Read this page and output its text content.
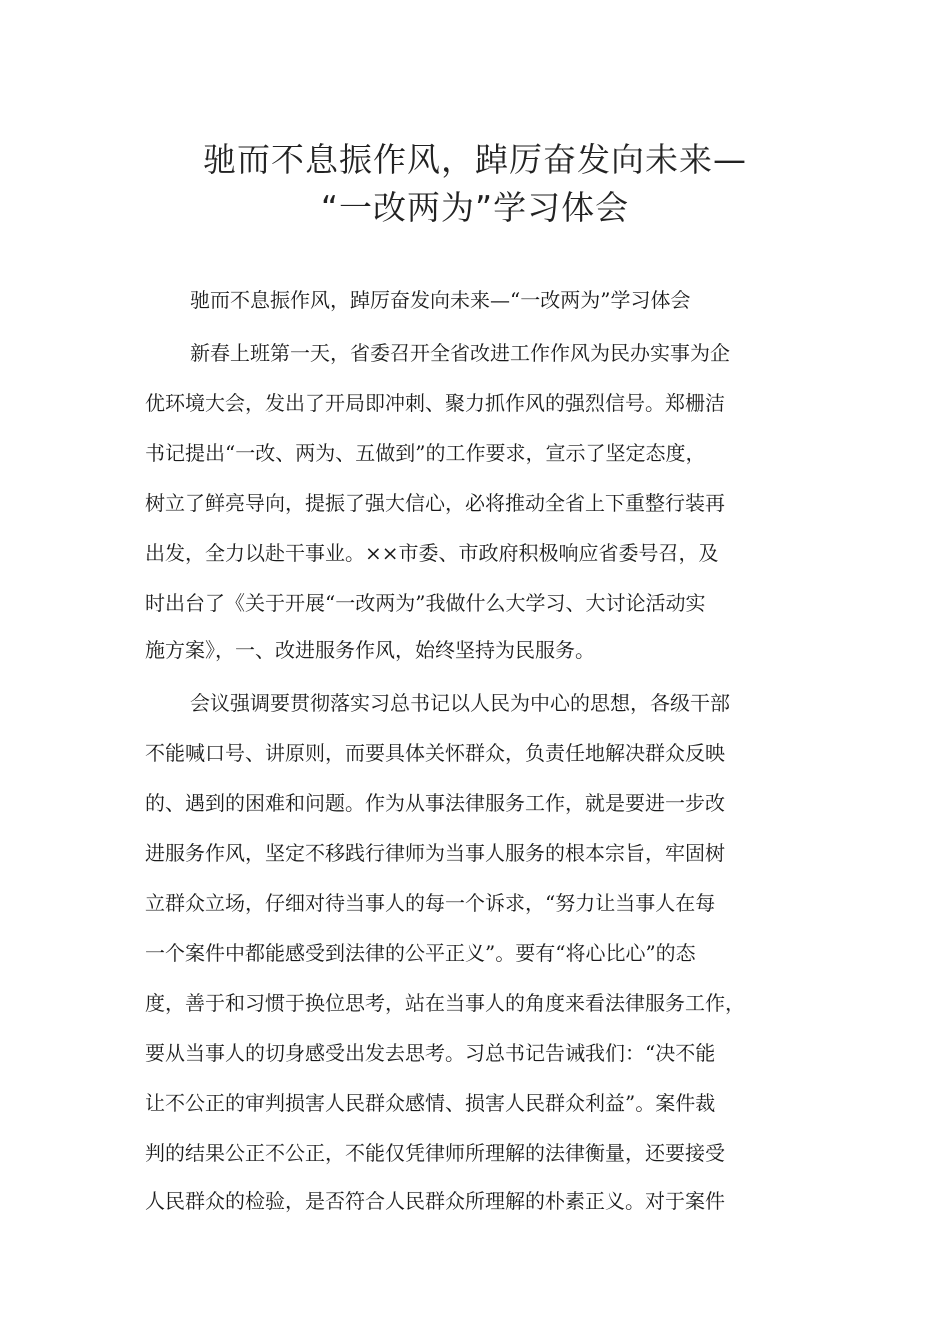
驰而不息振作风，踔厉奋发向未来—
“一改两为”学习体会
驰而不息振作风，踔厉奋发向未来—“一改两为”学习体会
新春上班第一天，省委召开全省改进工作作风为民办实事为企
优环境大会，发出了开局即冲刺、聚力抓作风的强烈信号。郑栅洁
书记提出“一改、两为、五做到”的工作要求，宣示了坚定态度，
树立了鲜亮导向，提振了强大信心，必将推动全省上下重整行装再
出发，全力以赴干事业。××市委、市政府积极响应省委号召，及
时出台了《关于开展“一改两为”我做什么大学习、大讨论活动实
施方案》，一、改进服务作风，始终坚持为民服务。
会议强调要贯彻落实习总书记以人民为中心的思想，各级干部
不能喊口号、讲原则，而要具体关怀群众，负责任地解决群众反映
的、遇到的困难和问题。作为从事法律服务工作，就是要进一步改
进服务作风，坚定不移践行律师为当事人服务的根本宗旨，牢固树
立群众立场，仔细对待当事人的每一个诉求，“努力让当事人在每
一个案件中都能感受到法律的公平正义”。要有“将心比心”的态
度，善于和习惯于换位思考，站在当事人的角度来看法律服务工作，
要从当事人的切身感受出发去思考。习总书记告诫我们：“决不能
让不公正的审判损害人民群众感情、损害人民群众利益”。案件裁
判的结果公正不公正，不能仅凭律师所理解的法律衡量，还要接受
人民群众的检验，是否符合人民群众所理解的朴素正义。对于案件
